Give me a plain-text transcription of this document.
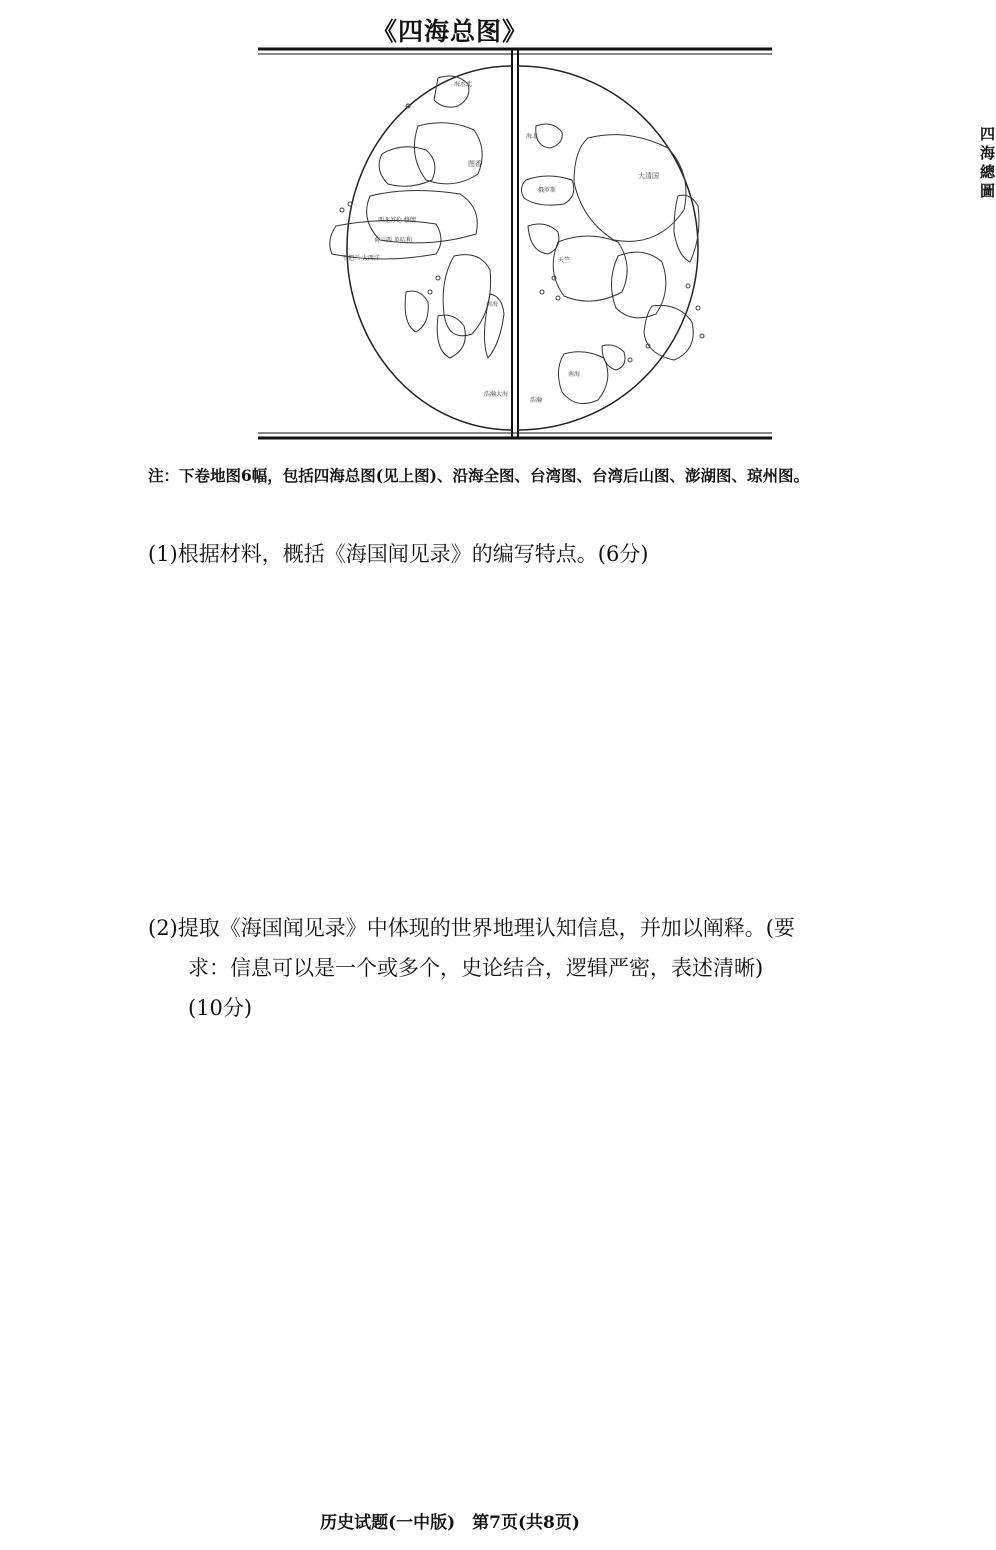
《四海总图》
海水北
图香
西北苏伦 格朗
荷兰西 英咭利
干把兰 大西洋
南海
浩瀚大海
海北
俄罗斯
大清国
天竺
南海
浩瀚
四海總圖
注：下卷地图6幅，包括四海总图(见上图)、沿海全图、台湾图、台湾后山图、澎湖图、琼州图。
(1)根据材料，概括《海国闻见录》的编写特点。(6分)
(2)提取《海国闻见录》中体现的世界地理认知信息，并加以阐释。(要
求：信息可以是一个或多个，史论结合，逻辑严密，表述清晰)
(10分)
历史试题(一中版)　第7页(共8页)
